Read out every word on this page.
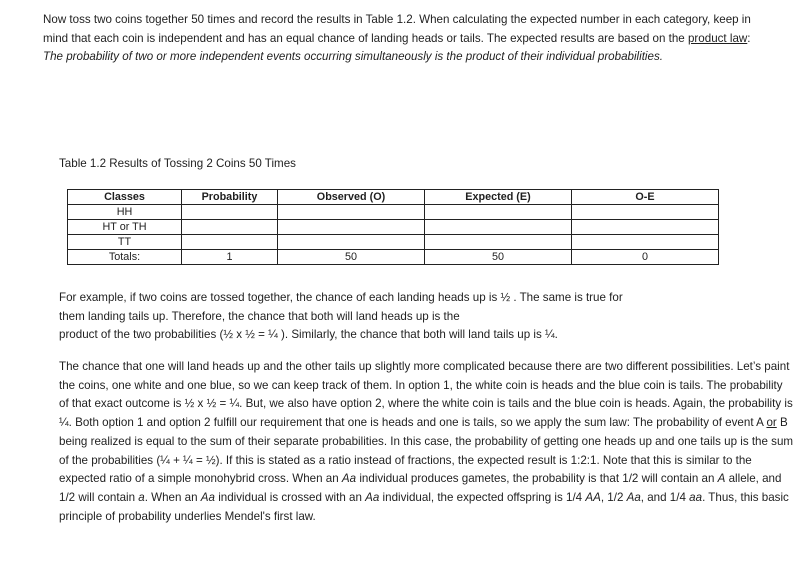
Now toss two coins together 50 times and record the results in Table 1.2. When calculating the expected number in each category, keep in mind that each coin is independent and has an equal chance of landing heads or tails. The expected results are based on the product law: The probability of two or more independent events occurring simultaneously is the product of their individual probabilities.

Table 1.2 Results of Tossing 2 Coins 50 Times

Classes	Probability	Observed (O)	Expected (E)	O-E
HH				
HT or TH				
TT				
Totals:	1	50	50	0
For example, if two coins are tossed together, the chance of each landing heads up is ½ . The same is true for
them landing tails up. Therefore, the chance that both will land heads up is the
product of the two probabilities (½ x ½ = ¼ ). Similarly, the chance that both will land tails up is ¼.

The chance that one will land heads up and the other tails up slightly more complicated because there are two different possibilities. Let’s paint the coins, one white and one blue, so we can keep track of them. In option 1, the white coin is heads and the blue coin is tails. The probability of that exact outcome is ½ x ½ = ¼. But, we also have option 2, where the white coin is tails and the blue coin is heads. Again, the probability is ¼. Both option 1 and option 2 fulfill our requirement that one is heads and one is tails, so we apply the sum law: The probability of event A or B being realized is equal to the sum of their separate probabilities. In this case, the probability of getting one heads up and one tails up is the sum of the probabilities (¼ + ¼ = ½). If this is stated as a ratio instead of fractions, the expected result is 1:2:1. Note that this is similar to the expected ratio of a simple monohybrid cross. When an Aa individual produces gametes, the probability is that 1/2 will contain an A allele, and 1/2 will contain a. When an Aa individual is crossed with an Aa individual, the expected offspring is 1/4 AA, 1/2 Aa, and 1/4 aa. Thus, this basic principle of probability underlies Mendel's first law.
